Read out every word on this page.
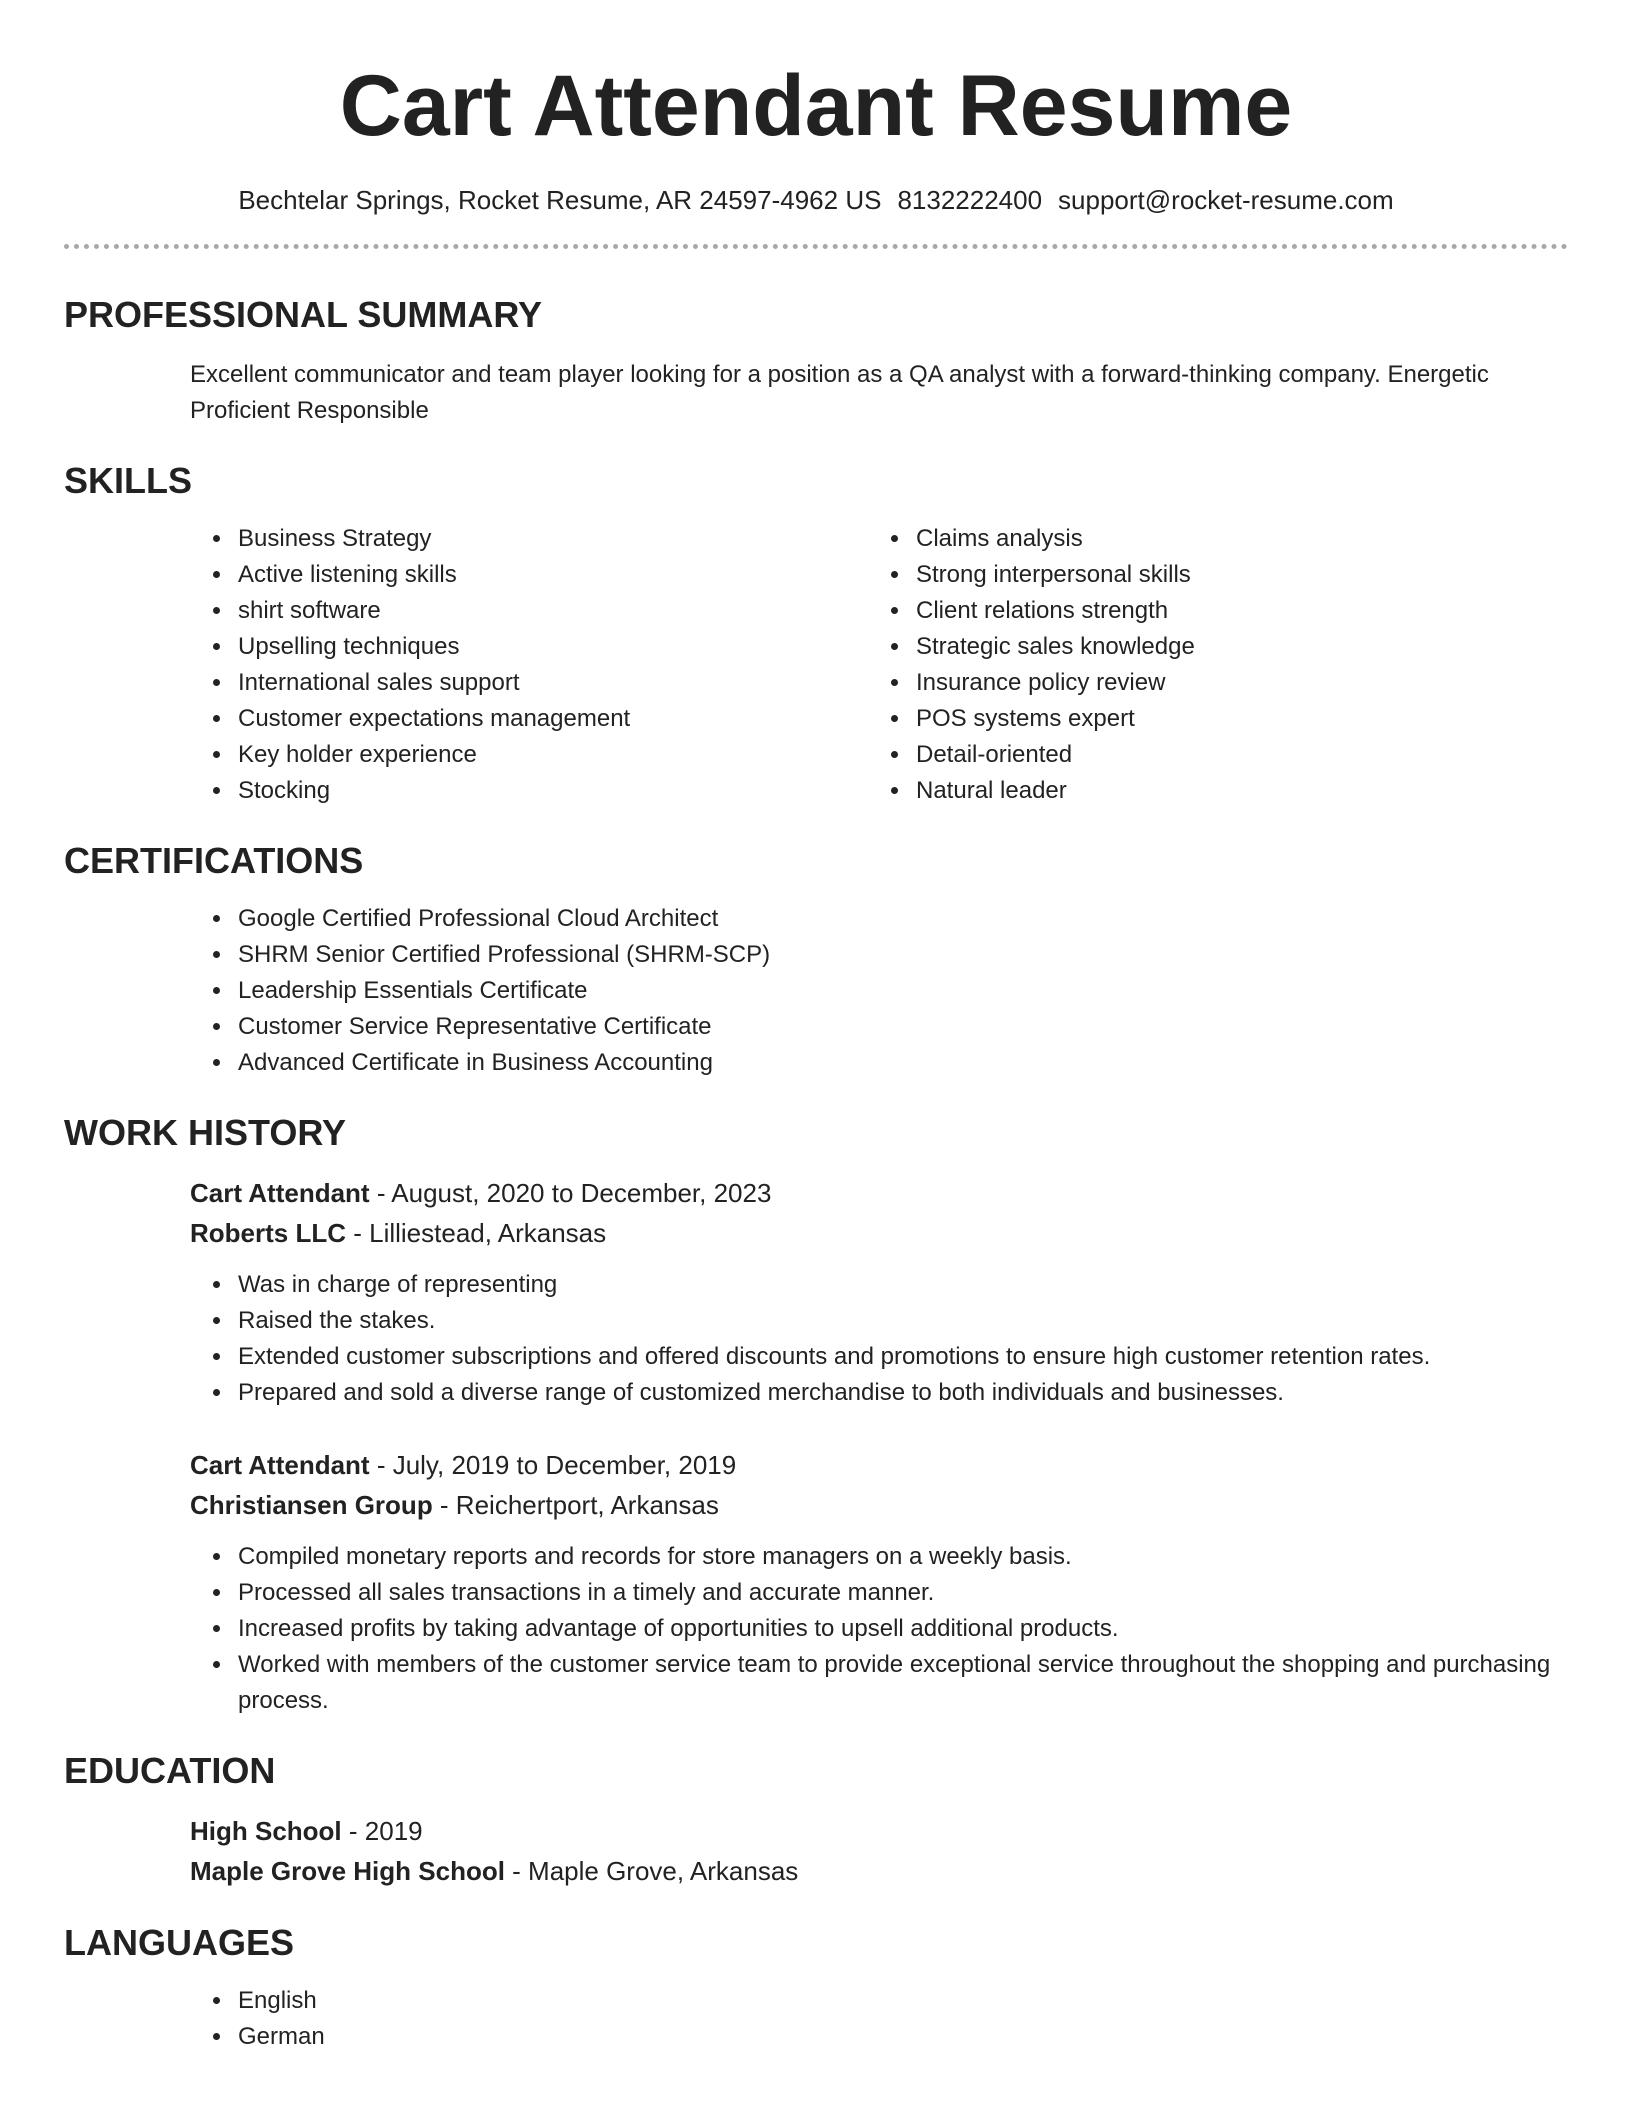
Cart Attendant Resume
Bechtelar Springs, Rocket Resume, AR 24597-4962 US 8132222400 support@rocket-resume.com
PROFESSIONAL SUMMARY
Excellent communicator and team player looking for a position as a QA analyst with a forward-thinking company. Energetic Proficient Responsible
SKILLS
• Business Strategy
• Active listening skills
• shirt software
• Upselling techniques
• International sales support
• Customer expectations management
• Key holder experience
• Stocking
• Claims analysis
• Strong interpersonal skills
• Client relations strength
• Strategic sales knowledge
• Insurance policy review
• POS systems expert
• Detail-oriented
• Natural leader
CERTIFICATIONS
• Google Certified Professional Cloud Architect
• SHRM Senior Certified Professional (SHRM-SCP)
• Leadership Essentials Certificate
• Customer Service Representative Certificate
• Advanced Certificate in Business Accounting
WORK HISTORY
Cart Attendant - August, 2020 to December, 2023
Roberts LLC - Lilliestead, Arkansas
• Was in charge of representing
• Raised the stakes.
• Extended customer subscriptions and offered discounts and promotions to ensure high customer retention rates.
• Prepared and sold a diverse range of customized merchandise to both individuals and businesses.
Cart Attendant - July, 2019 to December, 2019
Christiansen Group - Reichertport, Arkansas
• Compiled monetary reports and records for store managers on a weekly basis.
• Processed all sales transactions in a timely and accurate manner.
• Increased profits by taking advantage of opportunities to upsell additional products.
• Worked with members of the customer service team to provide exceptional service throughout the shopping and purchasing process.
EDUCATION
High School - 2019
Maple Grove High School - Maple Grove, Arkansas
LANGUAGES
• English
• German
